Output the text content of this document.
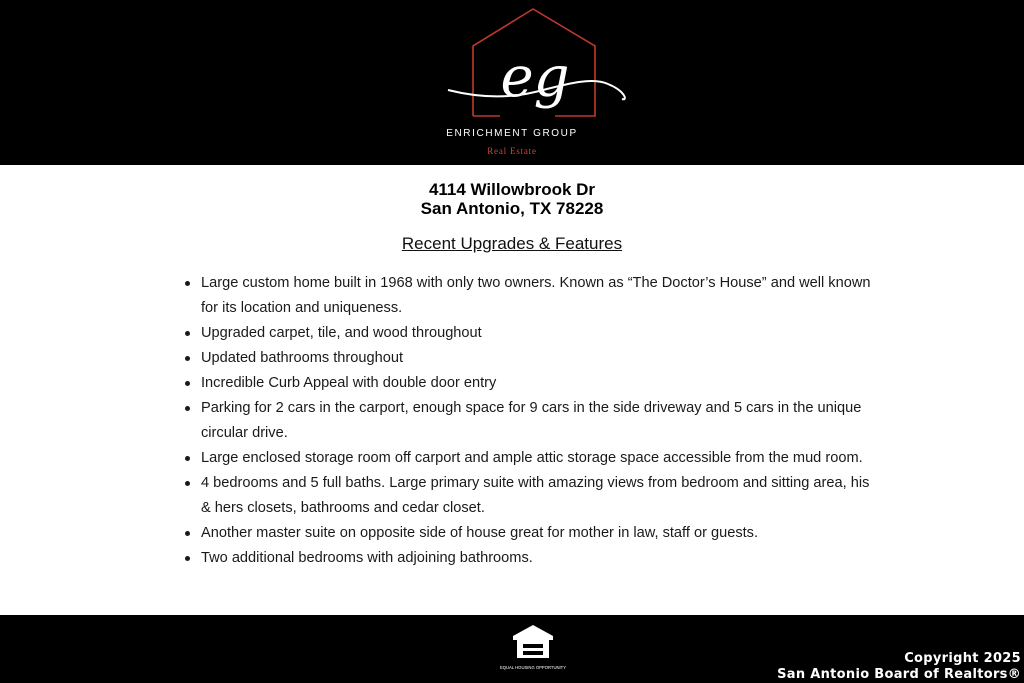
eg
ENRICHMENT GROUP
Real Estate
4114 Willowbrook Dr
San Antonio, TX 78228
Recent Upgrades & Features
Large custom home built in 1968 with only two owners. Known as “The Doctor’s House” and well known for its location and uniqueness.
Upgraded carpet, tile, and wood throughout
Updated bathrooms throughout
Incredible Curb Appeal with double door entry
Parking for 2 cars in the carport, enough space for 9 cars in the side driveway and 5 cars in the unique circular drive.
Large enclosed storage room off carport and ample attic storage space accessible from the mud room.
4 bedrooms and 5 full baths. Large primary suite with amazing views from bedroom and sitting area, his & hers closets, bathrooms and cedar closet.
Another master suite on opposite side of house great for mother in law, staff or guests.
Two additional bedrooms with adjoining bathrooms.
EQUAL HOUSING OPPORTUNITY
Copyright 2025
San Antonio Board of Realtors®
